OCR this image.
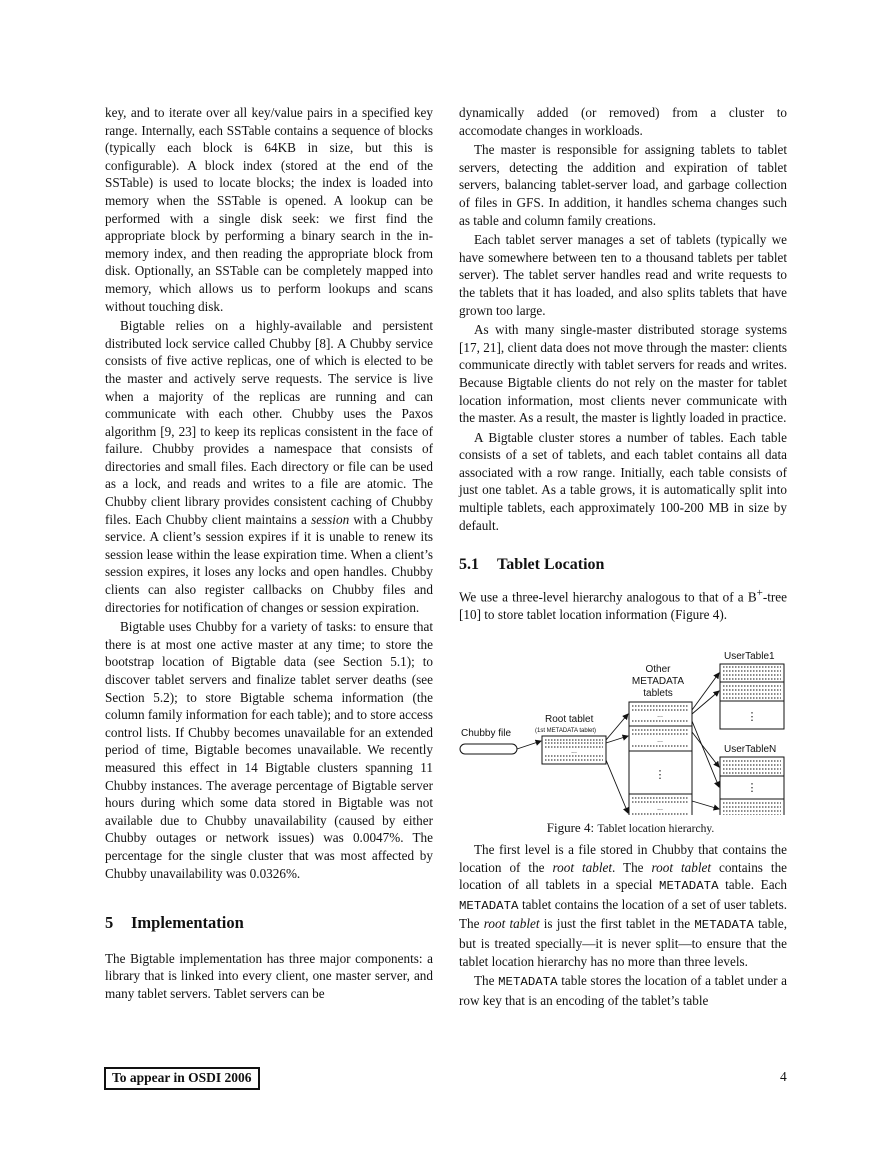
key, and to iterate over all key/value pairs in a specified key range. Internally, each SSTable contains a sequence of blocks (typically each block is 64KB in size, but this is configurable). A block index (stored at the end of the SSTable) is used to locate blocks; the index is loaded into memory when the SSTable is opened. A lookup can be performed with a single disk seek: we first find the appropriate block by performing a binary search in the in-memory index, and then reading the appropriate block from disk. Optionally, an SSTable can be completely mapped into memory, which allows us to perform lookups and scans without touching disk.

Bigtable relies on a highly-available and persistent distributed lock service called Chubby [8]. A Chubby service consists of five active replicas, one of which is elected to be the master and actively serve requests. The service is live when a majority of the replicas are running and can communicate with each other. Chubby uses the Paxos algorithm [9, 23] to keep its replicas consistent in the face of failure. Chubby provides a namespace that consists of directories and small files. Each directory or file can be used as a lock, and reads and writes to a file are atomic. The Chubby client library provides consistent caching of Chubby files. Each Chubby client maintains a session with a Chubby service. A client’s session expires if it is unable to renew its session lease within the lease expiration time. When a client’s session expires, it loses any locks and open handles. Chubby clients can also register callbacks on Chubby files and directories for notification of changes or session expiration.

Bigtable uses Chubby for a variety of tasks: to ensure that there is at most one active master at any time; to store the bootstrap location of Bigtable data (see Section 5.1); to discover tablet servers and finalize tablet server deaths (see Section 5.2); to store Bigtable schema information (the column family information for each table); and to store access control lists. If Chubby becomes unavailable for an extended period of time, Bigtable becomes unavailable. We recently measured this effect in 14 Bigtable clusters spanning 11 Chubby instances. The average percentage of Bigtable server hours during which some data stored in Bigtable was not available due to Chubby unavailability (caused by either Chubby outages or network issues) was 0.0047%. The percentage for the single cluster that was most affected by Chubby unavailability was 0.0326%.

5	Implementation

The Bigtable implementation has three major components: a library that is linked into every client, one master server, and many tablet servers. Tablet servers can be

dynamically added (or removed) from a cluster to accomodate changes in workloads.

The master is responsible for assigning tablets to tablet servers, detecting the addition and expiration of tablet servers, balancing tablet-server load, and garbage collection of files in GFS. In addition, it handles schema changes such as table and column family creations.

Each tablet server manages a set of tablets (typically we have somewhere between ten to a thousand tablets per tablet server). The tablet server handles read and write requests to the tablets that it has loaded, and also splits tablets that have grown too large.

As with many single-master distributed storage systems [17, 21], client data does not move through the master: clients communicate directly with tablet servers for reads and writes. Because Bigtable clients do not rely on the master for tablet location information, most clients never communicate with the master. As a result, the master is lightly loaded in practice.

A Bigtable cluster stores a number of tables. Each table consists of a set of tablets, and each tablet contains all data associated with a row range. Initially, each table consists of just one tablet. As a table grows, it is automatically split into multiple tablets, each approximately 100-200 MB in size by default.

5.1	Tablet Location

We use a three-level hierarchy analogous to that of a B+-tree [10] to store tablet location information (Figure 4).

Chubby file
Root tablet
(1st METADATA tablet)
Other
METADATA
tablets
UserTable1
UserTableN
...
...
...
⋮
...
⋮
⋮

Figure 4: Tablet location hierarchy.

The first level is a file stored in Chubby that contains the location of the root tablet. The root tablet contains the location of all tablets in a special METADATA table. Each METADATA tablet contains the location of a set of user tablets. The root tablet is just the first tablet in the METADATA table, but is treated specially—it is never split—to ensure that the tablet location hierarchy has no more than three levels.

The METADATA table stores the location of a tablet under a row key that is an encoding of the tablet’s table

To appear in OSDI 2006	4
